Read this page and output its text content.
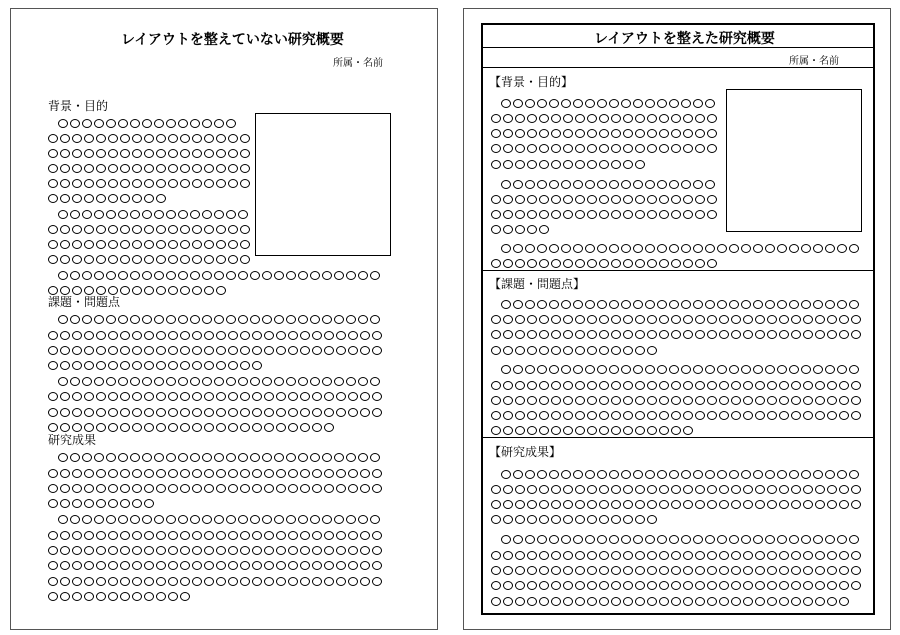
レイアウトを整えていない研究概要
所属・名前
背景・目的
課題・問題点
研究成果
レイアウトを整えた研究概要
所属・名前
【背景・目的】
【課題・問題点】
【研究成果】
